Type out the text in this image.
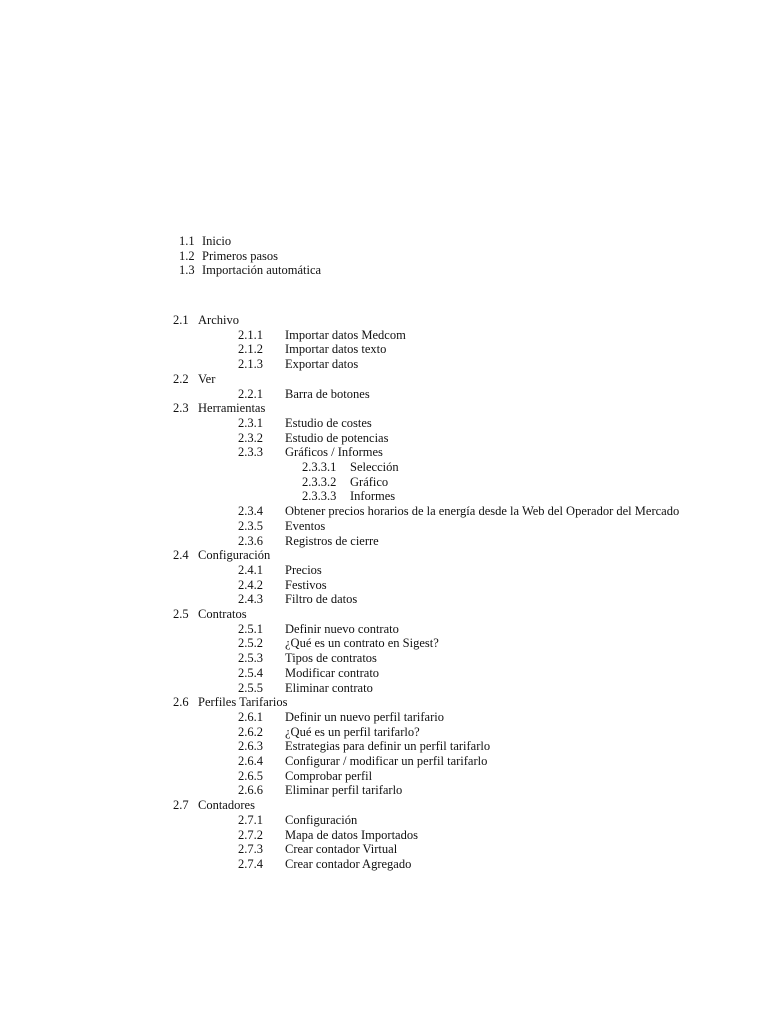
1.1 Inicio
1.2 Primeros pasos
1.3 Importación automática
2.1 Archivo
2.1.1 Importar datos Medcom
2.1.2 Importar datos texto
2.1.3 Exportar datos
2.2 Ver
2.2.1 Barra de botones
2.3 Herramientas
2.3.1 Estudio de costes
2.3.2 Estudio de potencias
2.3.3 Gráficos / Informes
2.3.3.1 Selección
2.3.3.2 Gráfico
2.3.3.3 Informes
2.3.4 Obtener precios horarios de la energía desde la Web del Operador del Mercado
2.3.5 Eventos
2.3.6 Registros de cierre
2.4 Configuración
2.4.1 Precios
2.4.2 Festivos
2.4.3 Filtro de datos
2.5 Contratos
2.5.1 Definir nuevo contrato
2.5.2 ¿Qué es un contrato en Sigest?
2.5.3 Tipos de contratos
2.5.4 Modificar contrato
2.5.5 Eliminar contrato
2.6 Perfiles Tarifarios
2.6.1 Definir un nuevo perfil tarifario
2.6.2 ¿Qué es un perfil tarifarlo?
2.6.3 Estrategias para definir un perfil tarifarlo
2.6.4 Configurar / modificar un perfil tarifarlo
2.6.5 Comprobar perfil
2.6.6 Eliminar perfil tarifarlo
2.7 Contadores
2.7.1 Configuración
2.7.2 Mapa de datos Importados
2.7.3 Crear contador Virtual
2.7.4 Crear contador Agregado
